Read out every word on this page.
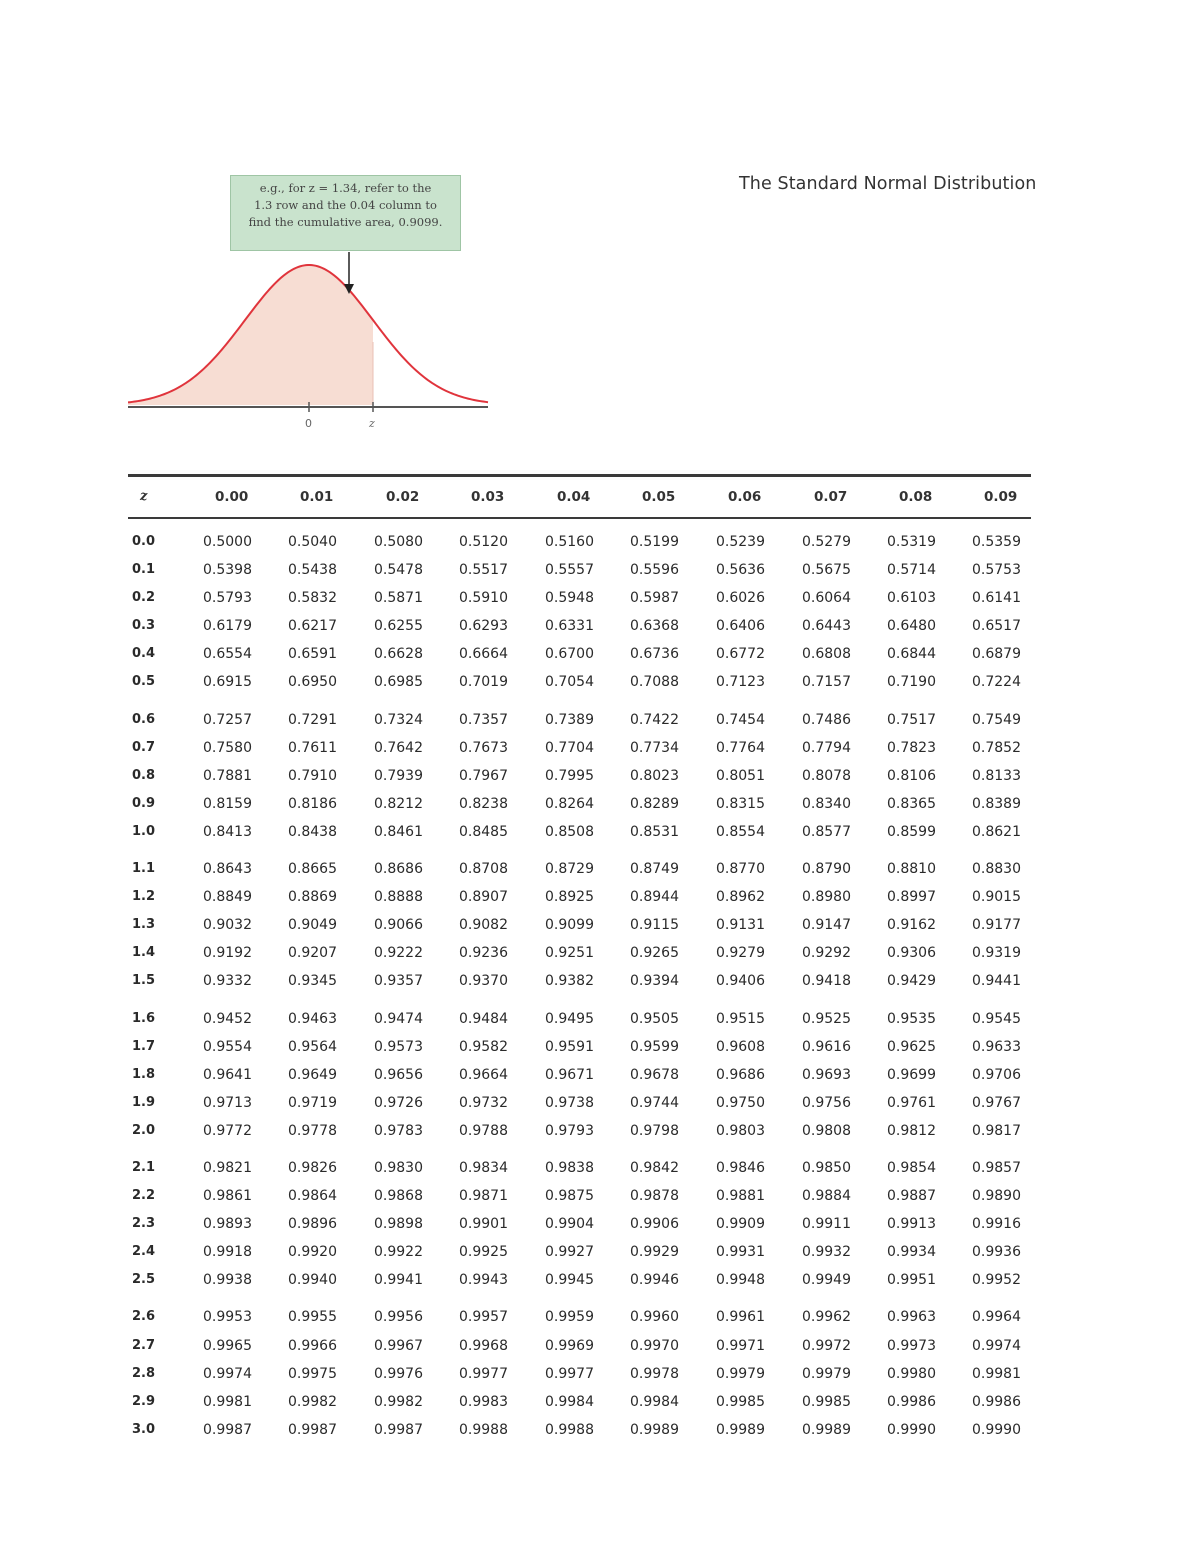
The Standard Normal Distribution
e.g., for z = 1.34, refer to the
1.3 row and the 0.04 column to
find the cumulative area, 0.9099.
0	z
z	0.00	0.01	0.02	0.03	0.04	0.05	0.06	0.07	0.08	0.09
0.0	0.5000	0.5040	0.5080	0.5120	0.5160	0.5199	0.5239	0.5279	0.5319	0.5359
0.1	0.5398	0.5438	0.5478	0.5517	0.5557	0.5596	0.5636	0.5675	0.5714	0.5753
0.2	0.5793	0.5832	0.5871	0.5910	0.5948	0.5987	0.6026	0.6064	0.6103	0.6141
0.3	0.6179	0.6217	0.6255	0.6293	0.6331	0.6368	0.6406	0.6443	0.6480	0.6517
0.4	0.6554	0.6591	0.6628	0.6664	0.6700	0.6736	0.6772	0.6808	0.6844	0.6879
0.5	0.6915	0.6950	0.6985	0.7019	0.7054	0.7088	0.7123	0.7157	0.7190	0.7224
0.6	0.7257	0.7291	0.7324	0.7357	0.7389	0.7422	0.7454	0.7486	0.7517	0.7549
0.7	0.7580	0.7611	0.7642	0.7673	0.7704	0.7734	0.7764	0.7794	0.7823	0.7852
0.8	0.7881	0.7910	0.7939	0.7967	0.7995	0.8023	0.8051	0.8078	0.8106	0.8133
0.9	0.8159	0.8186	0.8212	0.8238	0.8264	0.8289	0.8315	0.8340	0.8365	0.8389
1.0	0.8413	0.8438	0.8461	0.8485	0.8508	0.8531	0.8554	0.8577	0.8599	0.8621
1.1	0.8643	0.8665	0.8686	0.8708	0.8729	0.8749	0.8770	0.8790	0.8810	0.8830
1.2	0.8849	0.8869	0.8888	0.8907	0.8925	0.8944	0.8962	0.8980	0.8997	0.9015
1.3	0.9032	0.9049	0.9066	0.9082	0.9099	0.9115	0.9131	0.9147	0.9162	0.9177
1.4	0.9192	0.9207	0.9222	0.9236	0.9251	0.9265	0.9279	0.9292	0.9306	0.9319
1.5	0.9332	0.9345	0.9357	0.9370	0.9382	0.9394	0.9406	0.9418	0.9429	0.9441
1.6	0.9452	0.9463	0.9474	0.9484	0.9495	0.9505	0.9515	0.9525	0.9535	0.9545
1.7	0.9554	0.9564	0.9573	0.9582	0.9591	0.9599	0.9608	0.9616	0.9625	0.9633
1.8	0.9641	0.9649	0.9656	0.9664	0.9671	0.9678	0.9686	0.9693	0.9699	0.9706
1.9	0.9713	0.9719	0.9726	0.9732	0.9738	0.9744	0.9750	0.9756	0.9761	0.9767
2.0	0.9772	0.9778	0.9783	0.9788	0.9793	0.9798	0.9803	0.9808	0.9812	0.9817
2.1	0.9821	0.9826	0.9830	0.9834	0.9838	0.9842	0.9846	0.9850	0.9854	0.9857
2.2	0.9861	0.9864	0.9868	0.9871	0.9875	0.9878	0.9881	0.9884	0.9887	0.9890
2.3	0.9893	0.9896	0.9898	0.9901	0.9904	0.9906	0.9909	0.9911	0.9913	0.9916
2.4	0.9918	0.9920	0.9922	0.9925	0.9927	0.9929	0.9931	0.9932	0.9934	0.9936
2.5	0.9938	0.9940	0.9941	0.9943	0.9945	0.9946	0.9948	0.9949	0.9951	0.9952
2.6	0.9953	0.9955	0.9956	0.9957	0.9959	0.9960	0.9961	0.9962	0.9963	0.9964
2.7	0.9965	0.9966	0.9967	0.9968	0.9969	0.9970	0.9971	0.9972	0.9973	0.9974
2.8	0.9974	0.9975	0.9976	0.9977	0.9977	0.9978	0.9979	0.9979	0.9980	0.9981
2.9	0.9981	0.9982	0.9982	0.9983	0.9984	0.9984	0.9985	0.9985	0.9986	0.9986
3.0	0.9987	0.9987	0.9987	0.9988	0.9988	0.9989	0.9989	0.9989	0.9990	0.9990
